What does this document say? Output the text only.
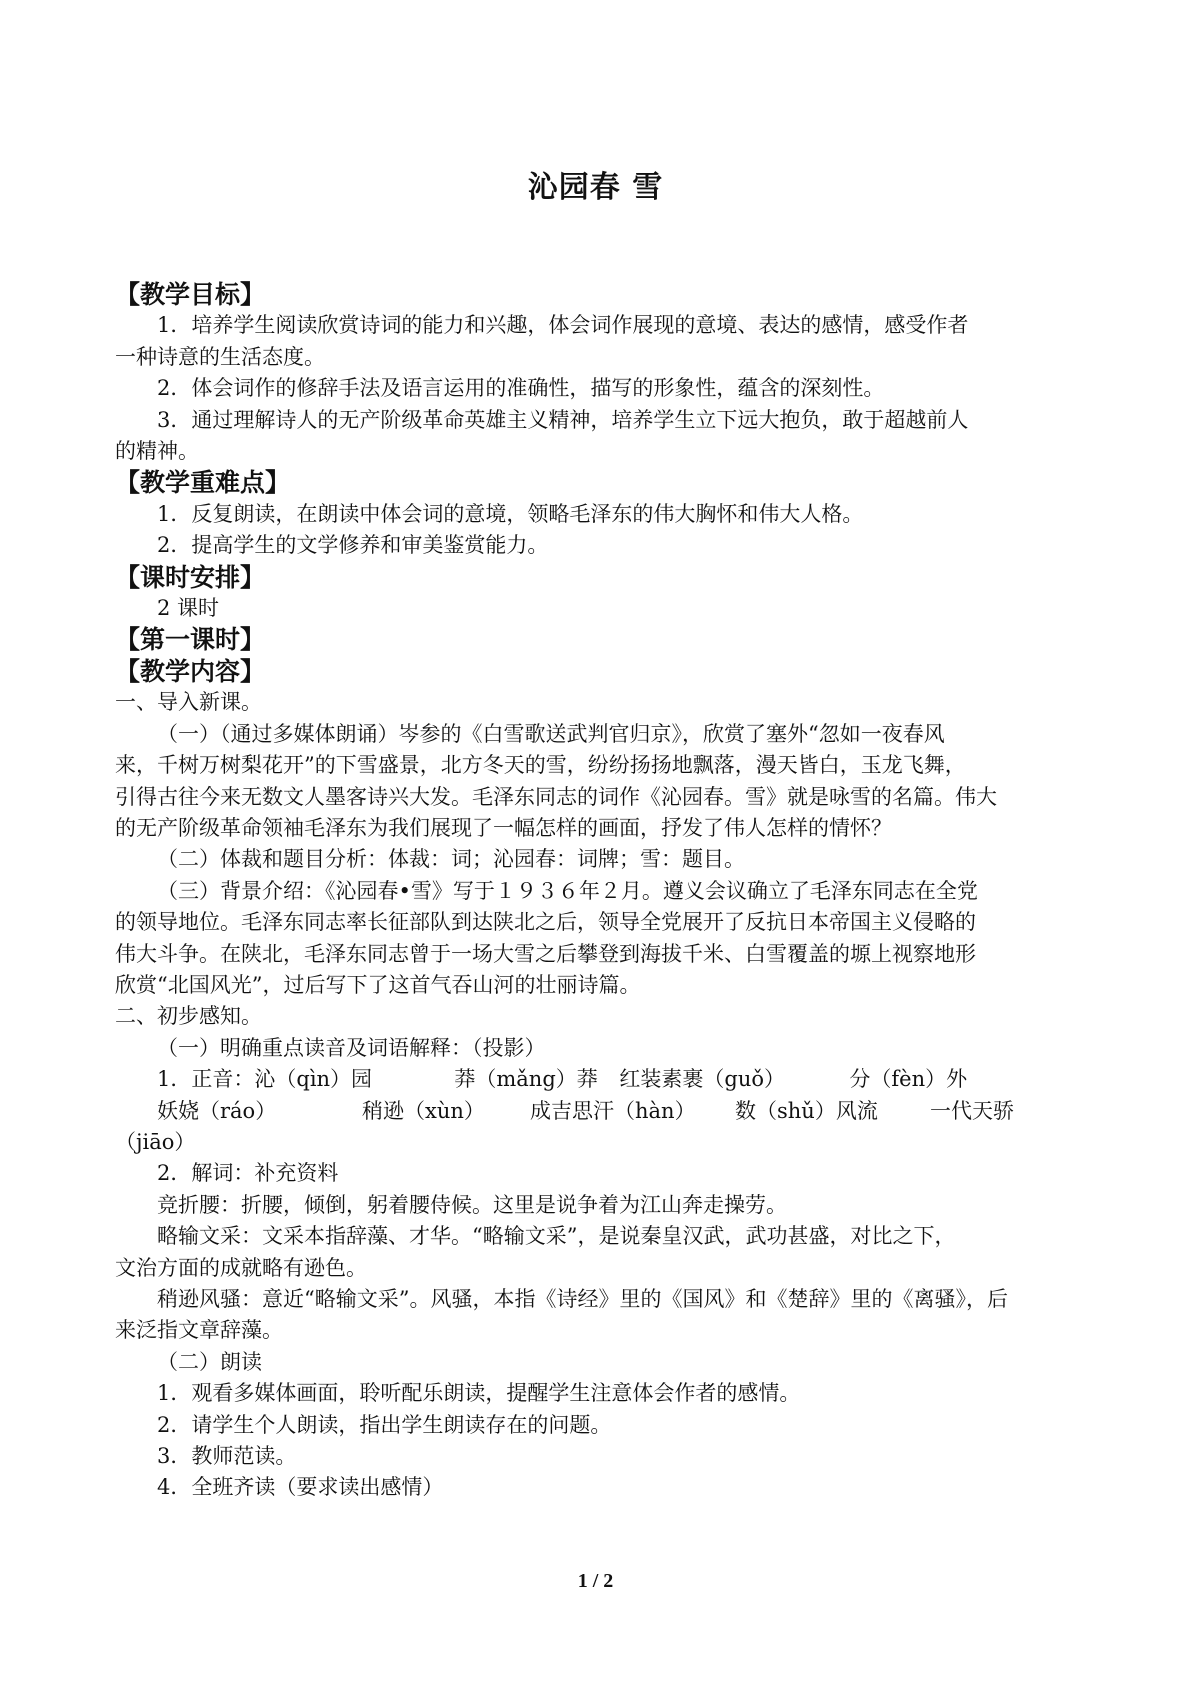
沁园春 雪
【教学目标】
1．培养学生阅读欣赏诗词的能力和兴趣，体会词作展现的意境、表达的感情，感受作者
一种诗意的生活态度。
2．体会词作的修辞手法及语言运用的准确性，描写的形象性，蕴含的深刻性。
3．通过理解诗人的无产阶级革命英雄主义精神，培养学生立下远大抱负，敢于超越前人
的精神。
【教学重难点】
1．反复朗读，在朗读中体会词的意境，领略毛泽东的伟大胸怀和伟大人格。
2．提高学生的文学修养和审美鉴赏能力。
【课时安排】
2 课时
【第一课时】
【教学内容】
一、导入新课。
（一）（通过多媒体朗诵）岑参的《白雪歌送武判官归京》，欣赏了塞外“忽如一夜春风
来，千树万树梨花开”的下雪盛景，北方冬天的雪，纷纷扬扬地飘落，漫天皆白，玉龙飞舞，
引得古往今来无数文人墨客诗兴大发。毛泽东同志的词作《沁园春。雪》就是咏雪的名篇。伟大
的无产阶级革命领袖毛泽东为我们展现了一幅怎样的画面，抒发了伟人怎样的情怀？
（二）体裁和题目分析：体裁：词；沁园春：词牌；雪：题目。
（三）背景介绍：《沁园春•雪》写于１９３６年２月。遵义会议确立了毛泽东同志在全党
的领导地位。毛泽东同志率长征部队到达陕北之后，领导全党展开了反抗日本帝国主义侵略的
伟大斗争。在陕北，毛泽东同志曾于一场大雪之后攀登到海拔千米、白雪覆盖的塬上视察地形
欣赏“北国风光”，过后写下了这首气吞山河的壮丽诗篇。
二、初步感知。
（一）明确重点读音及词语解释：（投影）
1．正音： 沁（qìn）园	莽（mǎng）莽	红装素裹（guǒ）	分（fèn）外
妖娆（ráo）	稍逊（xùn）	成吉思汗（hàn）	数（shǔ）风流	一代天骄
（jiāo）
2．解词：补充资料
竞折腰：折腰，倾倒，躬着腰侍候。这里是说争着为江山奔走操劳。
略输文采：文采本指辞藻、才华。“略输文采”，是说秦皇汉武，武功甚盛，对比之下，
文治方面的成就略有逊色。
稍逊风骚：意近“略输文采”。风骚，本指《诗经》里的《国风》和《楚辞》里的《离骚》，后
来泛指文章辞藻。
（二）朗读
1．观看多媒体画面，聆听配乐朗读，提醒学生注意体会作者的感情。
2．请学生个人朗读，指出学生朗读存在的问题。
3．教师范读。
4．全班齐读（要求读出感情）
1 / 2
